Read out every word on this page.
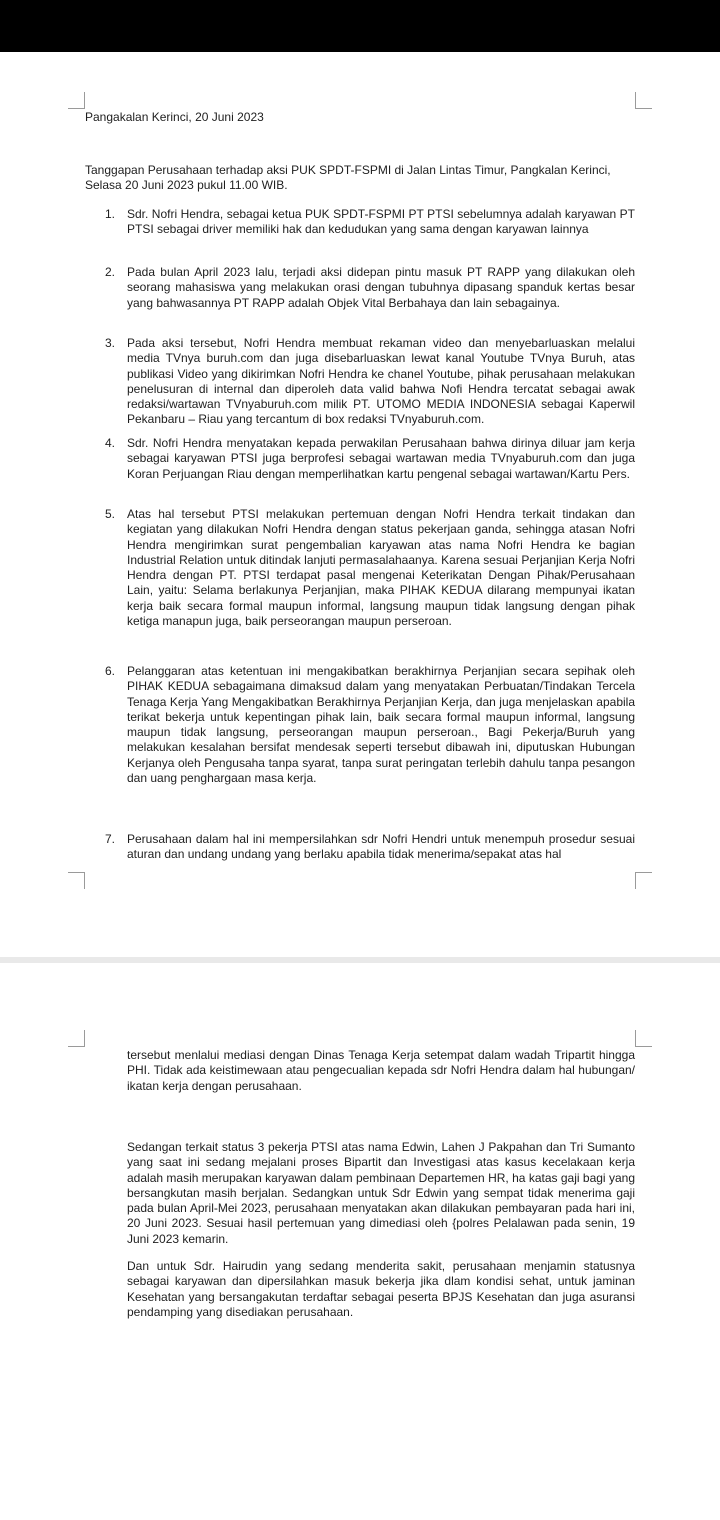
Pangakalan Kerinci, 20 Juni 2023

Tanggapan Perusahaan terhadap aksi PUK SPDT-FSPMI di Jalan Lintas Timur, Pangkalan Kerinci, Selasa 20 Juni 2023 pukul 11.00 WIB.

1. Sdr. Nofri Hendra, sebagai ketua PUK SPDT-FSPMI PT PTSI sebelumnya adalah karyawan PT PTSI sebagai driver memiliki hak dan kedudukan yang sama dengan karyawan lainnya

2. Pada bulan April 2023 lalu, terjadi aksi didepan pintu masuk PT RAPP yang dilakukan oleh seorang mahasiswa yang melakukan orasi dengan tubuhnya dipasang spanduk kertas besar yang bahwasannya PT RAPP adalah Objek Vital Berbahaya dan lain sebagainya.

3. Pada aksi tersebut, Nofri Hendra membuat rekaman video dan menyebarluaskan melalui media TVnya buruh.com dan juga disebarluaskan lewat kanal Youtube TVnya Buruh, atas publikasi Video yang dikirimkan Nofri Hendra ke chanel Youtube, pihak perusahaan melakukan penelusuran di internal dan diperoleh data valid bahwa Nofi Hendra tercatat sebagai awak redaksi/wartawan TVnyaburuh.com milik PT. UTOMO MEDIA INDONESIA sebagai Kaperwil Pekanbaru – Riau yang tercantum di box redaksi TVnyaburuh.com.

4. Sdr. Nofri Hendra menyatakan kepada perwakilan Perusahaan bahwa dirinya diluar jam kerja sebagai karyawan PTSI juga berprofesi sebagai wartawan media TVnyaburuh.com dan juga Koran Perjuangan Riau dengan memperlihatkan kartu pengenal sebagai wartawan/Kartu Pers.

5. Atas hal tersebut PTSI melakukan pertemuan dengan Nofri Hendra terkait tindakan dan kegiatan yang dilakukan Nofri Hendra dengan status pekerjaan ganda, sehingga atasan Nofri Hendra mengirimkan surat pengembalian karyawan atas nama Nofri Hendra ke bagian Industrial Relation untuk ditindak lanjuti permasalahaanya. Karena sesuai Perjanjian Kerja Nofri Hendra dengan PT. PTSI terdapat pasal mengenai Keterikatan Dengan Pihak/Perusahaan Lain, yaitu: Selama berlakunya Perjanjian, maka PIHAK KEDUA dilarang mempunyai ikatan kerja baik secara formal maupun informal, langsung maupun tidak langsung dengan pihak ketiga manapun juga, baik perseorangan maupun perseroan.

6. Pelanggaran atas ketentuan ini mengakibatkan berakhirnya Perjanjian secara sepihak oleh PIHAK KEDUA sebagaimana dimaksud dalam yang menyatakan Perbuatan/Tindakan Tercela Tenaga Kerja Yang Mengakibatkan Berakhirnya Perjanjian Kerja, dan juga menjelaskan apabila terikat bekerja untuk kepentingan pihak lain, baik secara formal maupun informal, langsung maupun tidak langsung, perseorangan maupun perseroan., Bagi Pekerja/Buruh yang melakukan kesalahan bersifat mendesak seperti tersebut dibawah ini, diputuskan Hubungan Kerjanya oleh Pengusaha tanpa syarat, tanpa surat peringatan terlebih dahulu tanpa pesangon dan uang penghargaan masa kerja.

7. Perusahaan dalam hal ini mempersilahkan sdr Nofri Hendri untuk menempuh prosedur sesuai aturan dan undang undang yang berlaku apabila tidak menerima/sepakat atas hal

tersebut menlalui mediasi dengan Dinas Tenaga Kerja setempat dalam wadah Tripartit hingga PHI. Tidak ada keistimewaan atau pengecualian kepada sdr Nofri Hendra dalam hal hubungan/ ikatan kerja dengan perusahaan.

Sedangan terkait status 3 pekerja PTSI atas nama Edwin, Lahen J Pakpahan dan Tri Sumanto yang saat ini sedang mejalani proses Bipartit dan Investigasi atas kasus kecelakaan kerja adalah masih merupakan karyawan dalam pembinaan Departemen HR, ha katas gaji bagi yang bersangkutan masih berjalan. Sedangkan untuk Sdr Edwin yang sempat tidak menerima gaji pada bulan April-Mei 2023, perusahaan menyatakan akan dilakukan pembayaran pada hari ini, 20 Juni 2023. Sesuai hasil pertemuan yang dimediasi oleh {polres Pelalawan pada senin, 19 Juni 2023 kemarin.

Dan untuk Sdr. Hairudin yang sedang menderita sakit, perusahaan menjamin statusnya sebagai karyawan dan dipersilahkan masuk bekerja jika dlam kondisi sehat, untuk jaminan Kesehatan yang bersangakutan terdaftar sebagai peserta BPJS Kesehatan dan juga asuransi pendamping yang disediakan perusahaan.
